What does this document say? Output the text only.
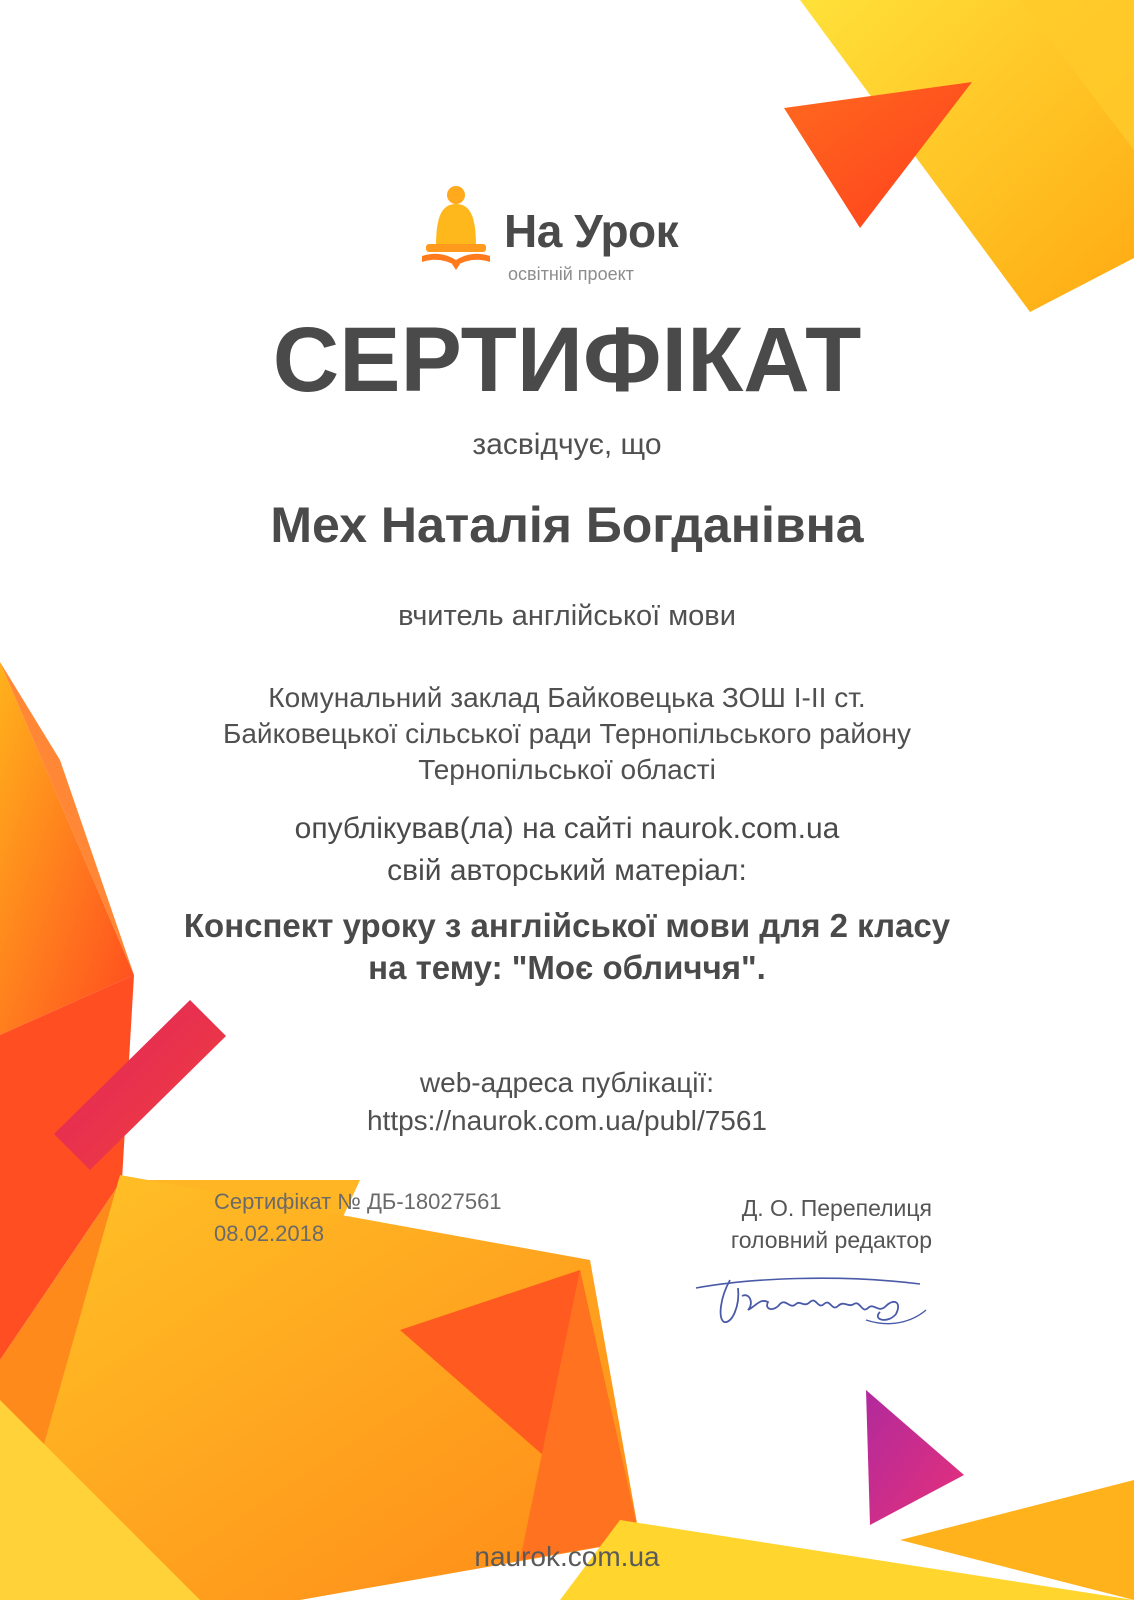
На Урок
освітній проект
СЕРТИФІКАТ
засвідчує, що
Мех Наталія Богданівна
вчитель англійської мови
Комунальний заклад Байковецька ЗОШ І-ІІ ст.
Байковецької сільської ради Тернопільського району
Тернопільської області
опублікував(ла) на сайті naurok.com.ua
свій авторський матеріал:
Конспект уроку з англійської мови для 2 класу
на тему: "Моє обличчя".
web-адреса публікації:
https://naurok.com.ua/publ/7561
Сертифікат № ДБ-18027561
08.02.2018
Д. О. Перепелиця
головний редактор
naurok.com.ua
